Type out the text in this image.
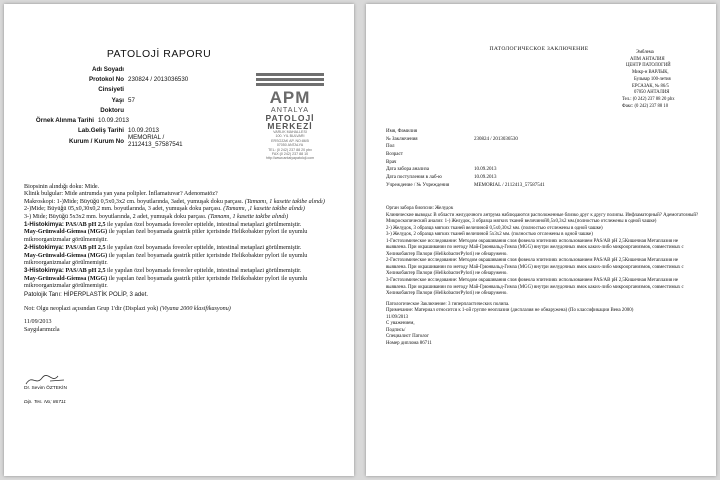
PATOLOJİ RAPORU
Adı Soyadı
Protokol No 230824 / 2013036530
Cinsiyeti
Yaşı 57
Doktoru
Örnek Alınma Tarihi 10.09.2013
Lab.Geliş Tarihi 10.09.2013
Kurum / Kurum No MEMORIAL / 2112413_57587541
APM
ANTALYA
PATOLOJİ
MERKEZİ
VARLIK MAHALLESİ
100. YIL BULVARI
ERSOZAK AP. NO:86/5
07050 ANTALYA
TEL: (0 242) 237 88 20 pbx
FAX:(0 242) 237 88 10
http://www.antalyapatoloji.com

Biopsinin alındığı doku: Mide.

Klinik bulgular: Mide antrumda yan yana polipler. İnflamatuvar? Adenomatöz?

Makroskopi: 1-)Mide; Büyüğü 0,5x0,3x2 cm. boyutlarında, 3adet, yumuşak doku parçası. (Tamamı, 1 kasette takibe alındı)

2-)Mide; Büyüğü 05,x0,30x0,2 mm. boyutlarında, 3 adet, yumuşak doku parçası. (Tamamı, ,1 kasette takibe alındı)

3-) Mide; Büyüğü 5x3x2 mm. boyutlarında, 2 adet, yumuşak doku parçası. (Tamamı, 1 kasette takibe alındı)

1-Histokimya: PAS/AB pH 2,5 ile yapılan özel boyamada foveoler epitelde, intestinal metaplazi görülmemiştir.

May-Grünwald-Giemsa (MGG) ile yapılan özel boyamada gastrik pitler içerisinde Helikobakter pylori ile uyumlu mikroorganizmalar görülmemiştir.

2-Histokimya: PAS/AB pH 2,5 ile yapılan özel boyamada foveoler epitelde, intestinal metaplazi görülmemiştir.

May-Grünwald-Giemsa (MGG) ile yapılan özel boyamada gastrik pitler içerisinde Helikobakter pylori ile uyumlu mikroorganizmalar görülmemiştir.

3-Histokimya: PAS/AB pH 2,5 ile yapılan özel boyamada foveoler epitelde, intestinal metaplazi görülmemiştir.

May-Grünwald-Giemsa (MGG) ile yapılan özel boyamada gastrik pitler içerisinde Helikobakter pylori ile uyumlu mikroorganizmalar görülmemiştir.

Patolojik Tanı: HİPERPLASTİK POLİP, 3 adet.

Not: Olgu neoplazi açısından Grup 1'dir (Displazi yok) (Viyana 2000 klasifikasyonu)

11/09/2013

Saygılarımızla

Dr. Sevim ÖZTEKİN
Dip. Tes. No; 86711
ПАТОЛОГИЧЕСКОЕ ЗАКЛЮЧЕНИЕ
Эмблема
АПМ АНТАЛИЯ
ЦЕНТР ПАТОЛОГИЙ
Микр-н ВАРЛЫК,
Бульвар 100-летия
ЕРСАЗАК, № 86/5
07050 АНТАЛИЯ
Тел.: (0 242) 237 88 20 рbх
Факс: (0 242) 237 88 10
Имя, Фамилия
№ Заключения	230824 / 2013036530
Пол
Возраст
Врач
Дата забора анализа	10.09.2013
Дата поступления в лаб-ю	10.09.2013
Учреждение / № Учреждения	MEMORIAL / 2112413_57587541

Орган забора биопсии: Желудок

Клинические выводы: В области желудочного антрума наблюдаются расположенные близко друг к другу полипы. Инфламаторный? Адемотатозный?

Микроскопический анализ: 1-) Желудок, 3 образца мягких тканей величиной0,5х0,3х2 мм.(полностью отслежены в одной чашке)

2-) Желудок, 3 образца мягких тканей величиной 0,5х0,30х2 мм. (полностью отслежены в одной чашке)

3-) Желудок, 2 образца мягких тканей величиной 5х3х2 мм. (полностью отслежены в одной чашке)

1-Гистохимическое исследование: Методом окрашивания слоя фовеола эпителиях использованием PAS/AB рН 2,5Кишечная Метаплазия не выявлена. При окрашивании по методу Май-Грюнвальд-Гимза (MGG) внутри желудочных ямок каких-либо микроорганизмов, совместимых с Хеликобактер Пилори (HelikobacterPylori) не обнаружено.

2-Гистохимическое исследование: Методом окрашивания слоя фовеола эпителиях использованием PAS/AB рН 2,5Кишечная Метаплазия не выявлена. При окрашивании по методу Май-Грюнвальд-Гимза (MGG) внутри желудочных ямок каких-либо микроорганизмов, совместимых с Хеликобактер Пилори (HelikobacterPylori) не обнаружено.

3-Гистохимическое исследование: Методом окрашивания слоя фовеола эпителиях использованием PAS/AB рН 2,5Кишечная Метаплазия не выявлена. При окрашивании по методу Май-Грюнвальд-Гимза (MGG) внутри желудочных ямок каких-либо микроорганизмов, совместимых с Хеликобактер Пилори (HelikobacterPylori) не обнаружено.

Патологическое Заключение: 3 гиперпластических полипа.

Примечание: Материал относится к 1-ой группе неоплазии (дисплазия не обнаружена) (По классификации Вена 2000)

11/09/2013

С уважением,

Подпись/

Специалист Патолог

Номер диплома 86711
